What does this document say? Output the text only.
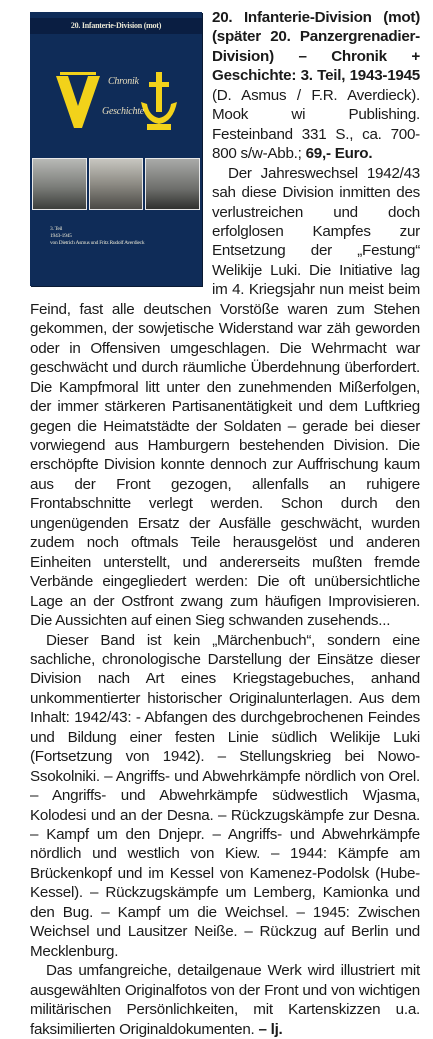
20. Infanterie-Division (mot)
Chronik
Geschichte
3. Teil
1943-1945
von Dietrich Asmus und Fritz Rudolf Averdieck

20. Infanterie-Division (mot) (später 20. Panzergrenadier-Division) – Chronik + Geschichte: 3. Teil, 1943-1945 (D. Asmus / F.R. Averdieck). Mook wi Publishing. Festeinband 331 S., ca. 700-800 s/w-Abb.; 69,- Euro.

Der Jahreswechsel 1942/43 sah diese Division inmitten des verlustreichen und doch erfolglosen Kampfes zur Entsetzung der „Festung“ Welikije Luki. Die Initiative lag im 4. Kriegsjahr nun meist beim Feind, fast alle deutschen Vorstöße waren zum Stehen gekommen, der sowjetische Widerstand war zäh geworden oder in Offensiven umgeschlagen. Die Wehrmacht war geschwächt und durch räumliche Überdehnung überfordert. Die Kampfmoral litt unter den zunehmenden Mißerfolgen, der immer stärkeren Partisanentätigkeit und dem Luftkrieg gegen die Heimatstädte der Soldaten – gerade bei dieser vorwiegend aus Hamburgern bestehenden Division. Die erschöpfte Division konnte dennoch zur Auffrischung kaum aus der Front gezogen, allenfalls an ruhigere Frontabschnitte verlegt werden. Schon durch den ungenügenden Ersatz der Ausfälle geschwächt, wurden zudem noch oftmals Teile herausgelöst und anderen Einheiten unterstellt, und andererseits mußten fremde Verbände eingegliedert werden: Die oft unübersichtliche Lage an der Ostfront zwang zum häufigen Improvisieren. Die Aussichten auf einen Sieg schwanden zusehends...

Dieser Band ist kein „Märchenbuch“, sondern eine sachliche, chronologische Darstellung der Einsätze dieser Division nach Art eines Kriegstagebuches, anhand unkommentierter historischer Originalunterlagen. Aus dem Inhalt: 1942/43: - Abfangen des durchgebrochenen Feindes und Bildung einer festen Linie südlich Welikije Luki (Fortsetzung von 1942). – Stellungskrieg bei Nowo-Ssokolniki. – Angriffs- und Abwehrkämpfe nördlich von Orel. – Angriffs- und Abwehrkämpfe südwestlich Wjasma, Kolodesi und an der Desna. – Rückzugskämpfe zur Desna. – Kampf um den Dnjepr. – Angriffs- und Abwehrkämpfe nördlich und westlich von Kiew. – 1944: Kämpfe am Brückenkopf und im Kessel von Kamenez-Podolsk (Hube-Kessel). – Rückzugskämpfe um Lemberg, Kamionka und den Bug. – Kampf um die Weichsel. – 1945: Zwischen Weichsel und Lausitzer Neiße. – Rückzug auf Berlin und Mecklenburg.

Das umfangreiche, detailgenaue Werk wird illustriert mit ausgewählten Originalfotos von der Front und von wichtigen militärischen Persönlichkeiten, mit Kartenskizzen u.a. faksimilierten Originaldokumenten. – lj.
